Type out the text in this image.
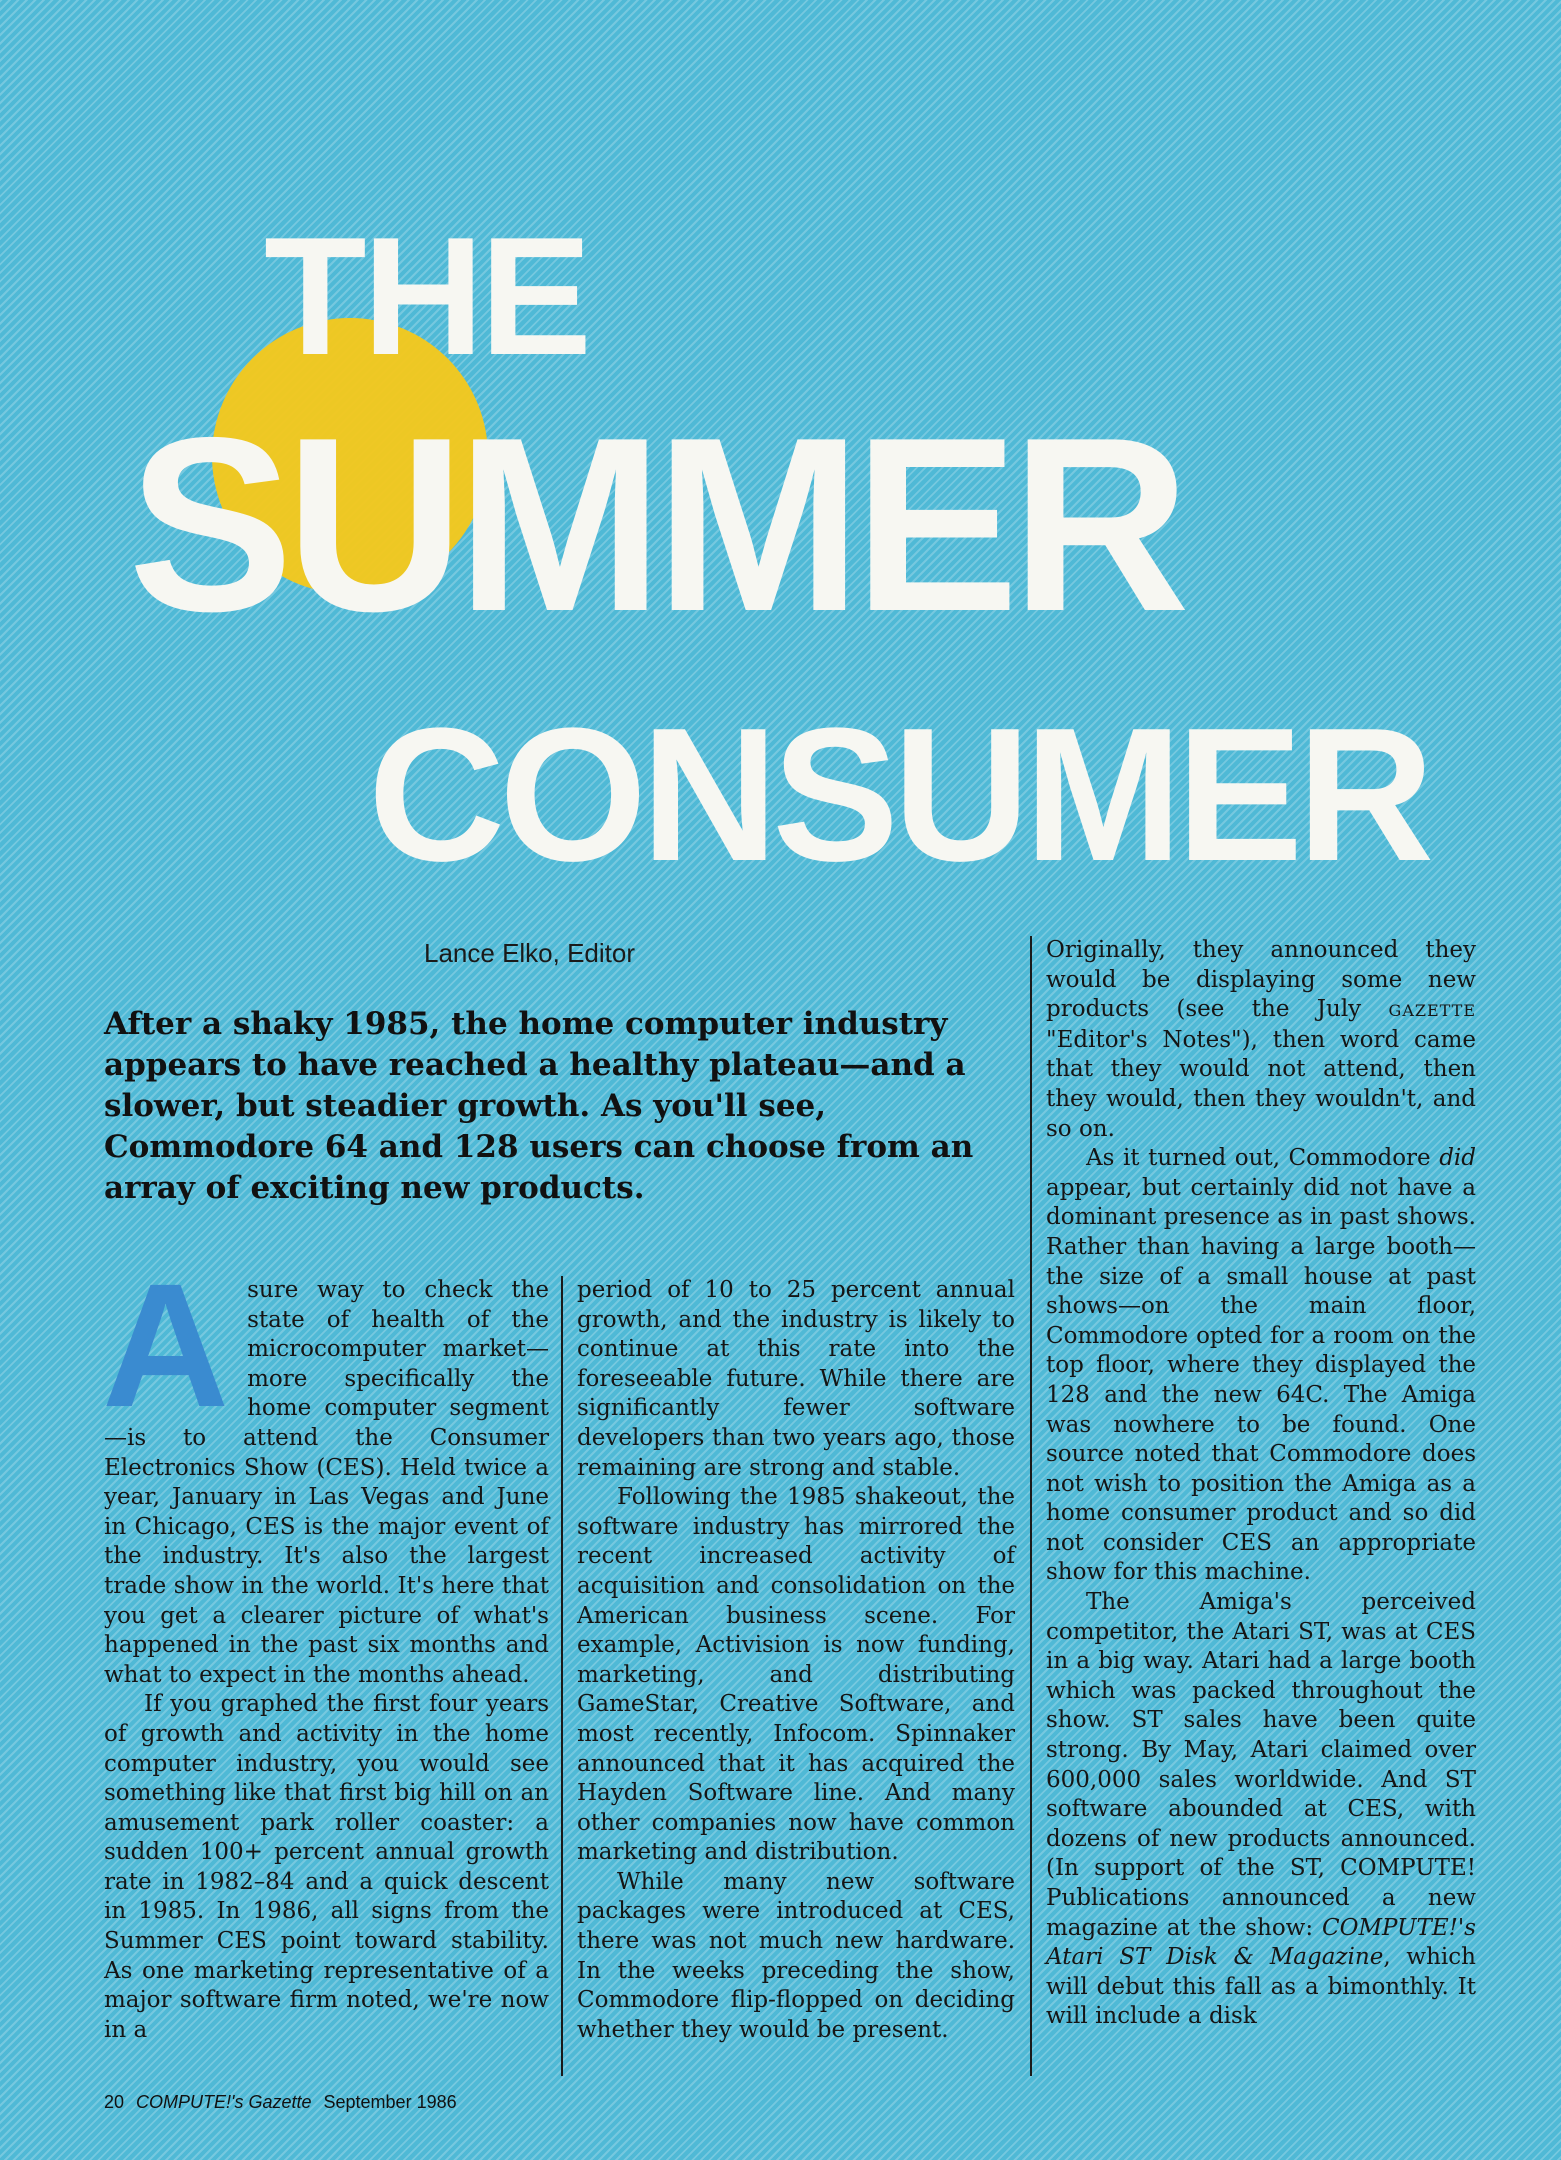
THE
SUMMER
CONSUMER

Lance Elko, Editor

After a shaky 1985, the home computer industry appears to have reached a healthy plateau—and a slower, but steadier growth. As you'll see, Commodore 64 and 128 users can choose from an array of exciting new products.

Asure way to check the state of health of the microcomputer market—more specifically the home computer segment—is to attend the Consumer Electronics Show (CES). Held twice a year, January in Las Vegas and June in Chicago, CES is the major event of the industry. It's also the largest trade show in the world. It's here that you get a clearer picture of what's happened in the past six months and what to expect in the months ahead.

If you graphed the first four years of growth and activity in the home computer industry, you would see something like that first big hill on an amusement park roller coaster: a sudden 100+ percent annual growth rate in 1982–84 and a quick descent in 1985. In 1986, all signs from the Summer CES point toward stability. As one marketing representative of a major software firm noted, we're now in a

period of 10 to 25 percent annual growth, and the industry is likely to continue at this rate into the foreseeable future. While there are significantly fewer software developers than two years ago, those remaining are strong and stable.

Following the 1985 shakeout, the software industry has mirrored the recent increased activity of acquisition and consolidation on the American business scene. For example, Activision is now funding, marketing, and distributing GameStar, Creative Software, and most recently, Infocom. Spinnaker announced that it has acquired the Hayden Software line. And many other companies now have common marketing and distribution.

While many new software packages were introduced at CES, there was not much new hardware. In the weeks preceding the show, Commodore flip-flopped on deciding whether they would be present.

Originally, they announced they would be displaying some new products (see the July GAZETTE "Editor's Notes"), then word came that they would not attend, then they would, then they wouldn't, and so on.

As it turned out, Commodore did appear, but certainly did not have a dominant presence as in past shows. Rather than having a large booth—the size of a small house at past shows—on the main floor, Commodore opted for a room on the top floor, where they displayed the 128 and the new 64C. The Amiga was nowhere to be found. One source noted that Commodore does not wish to position the Amiga as a home consumer product and so did not consider CES an appropriate show for this machine.

The Amiga's perceived competitor, the Atari ST, was at CES in a big way. Atari had a large booth which was packed throughout the show. ST sales have been quite strong. By May, Atari claimed over 600,000 sales worldwide. And ST software abounded at CES, with dozens of new products announced. (In support of the ST, COMPUTE! Publications announced a new magazine at the show: COMPUTE!'s Atari ST Disk & Magazine, which will debut this fall as a bimonthly. It will include a disk

20 COMPUTE!'s Gazette September 1986
